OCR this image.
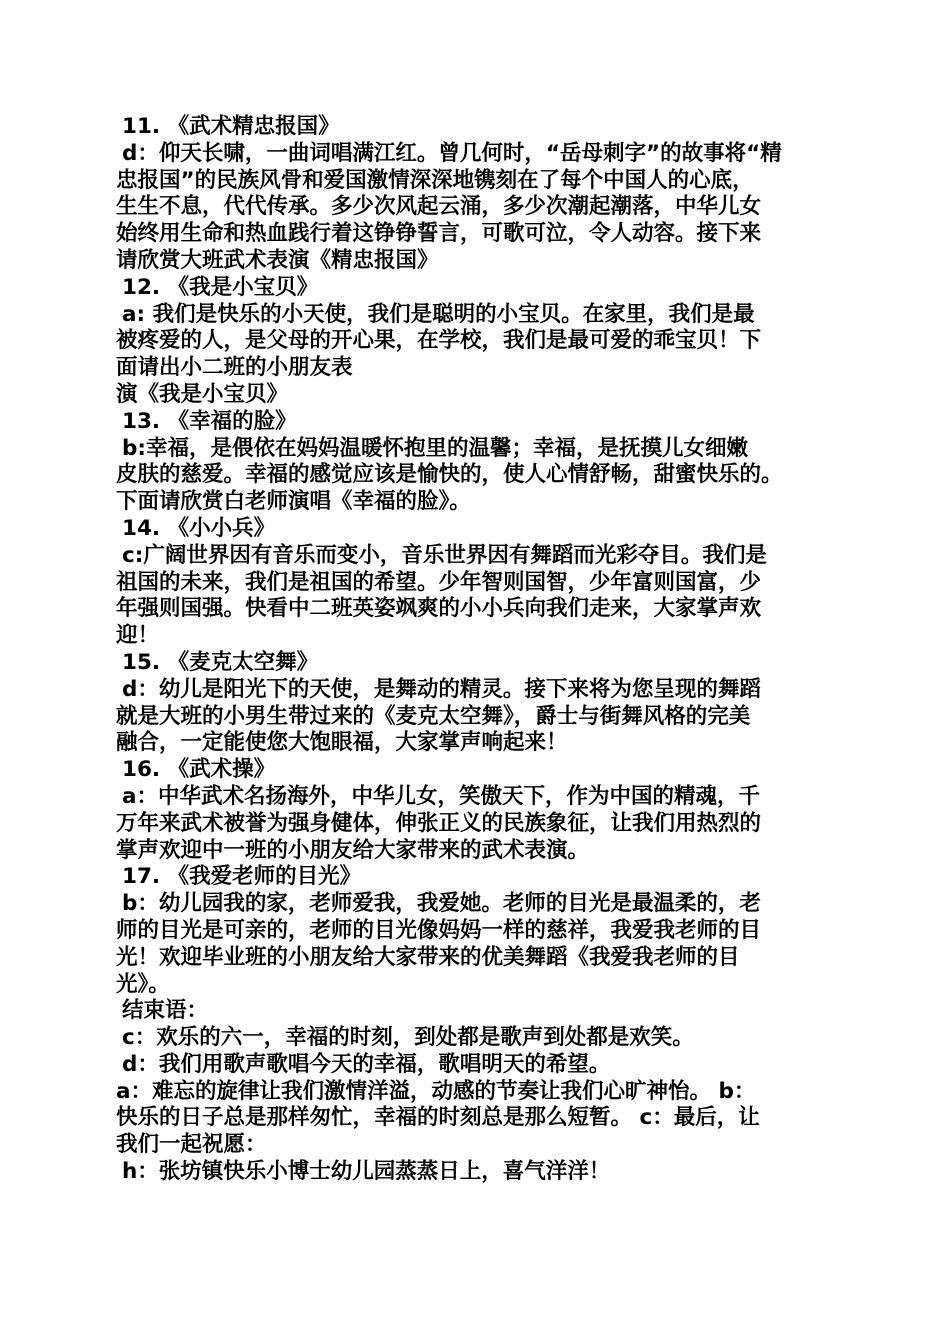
11. 《武术精忠报国》
d：仰天长啸，一曲词唱满江红。曾几何时，“岳母刺字”的故事将“精
忠报国”的民族风骨和爱国激情深深地镌刻在了每个中国人的心底，
生生不息，代代传承。多少次风起云涌，多少次潮起潮落，中华儿女
始终用生命和热血践行着这铮铮誓言，可歌可泣，令人动容。接下来
请欣赏大班武术表演《精忠报国》
12. 《我是小宝贝》
a: 我们是快乐的小天使，我们是聪明的小宝贝。在家里，我们是最
被疼爱的人，是父母的开心果，在学校，我们是最可爱的乖宝贝！下
面请出小二班的小朋友表
演《我是小宝贝》
13. 《幸福的脸》
b:幸福，是偎依在妈妈温暖怀抱里的温馨；幸福，是抚摸儿女细嫩
皮肤的慈爱。幸福的感觉应该是愉快的，使人心情舒畅，甜蜜快乐的。
下面请欣赏白老师演唱《幸福的脸》。
14. 《小小兵》
c:广阔世界因有音乐而变小，音乐世界因有舞蹈而光彩夺目。我们是
祖国的未来，我们是祖国的希望。少年智则国智，少年富则国富，少
年强则国强。快看中二班英姿飒爽的小小兵向我们走来，大家掌声欢
迎！
15. 《麦克太空舞》
d：幼儿是阳光下的天使，是舞动的精灵。接下来将为您呈现的舞蹈
就是大班的小男生带过来的《麦克太空舞》，爵士与街舞风格的完美
融合，一定能使您大饱眼福，大家掌声响起来！
16. 《武术操》
a：中华武术名扬海外，中华儿女，笑傲天下，作为中国的精魂，千
万年来武术被誉为强身健体，伸张正义的民族象征，让我们用热烈的
掌声欢迎中一班的小朋友给大家带来的武术表演。
17. 《我爱老师的目光》
b：幼儿园我的家，老师爱我，我爱她。老师的目光是最温柔的，老
师的目光是可亲的，老师的目光像妈妈一样的慈祥，我爱我老师的目
光！欢迎毕业班的小朋友给大家带来的优美舞蹈《我爱我老师的目
光》。
结束语：
c：欢乐的六一，幸福的时刻，到处都是歌声到处都是欢笑。
d：我们用歌声歌唱今天的幸福，歌唱明天的希望。
a：难忘的旋律让我们激情洋溢，动感的节奏让我们心旷神怡。 b：
快乐的日子总是那样匆忙，幸福的时刻总是那么短暂。 c：最后，让
我们一起祝愿：
h：张坊镇快乐小博士幼儿园蒸蒸日上，喜气洋洋！
